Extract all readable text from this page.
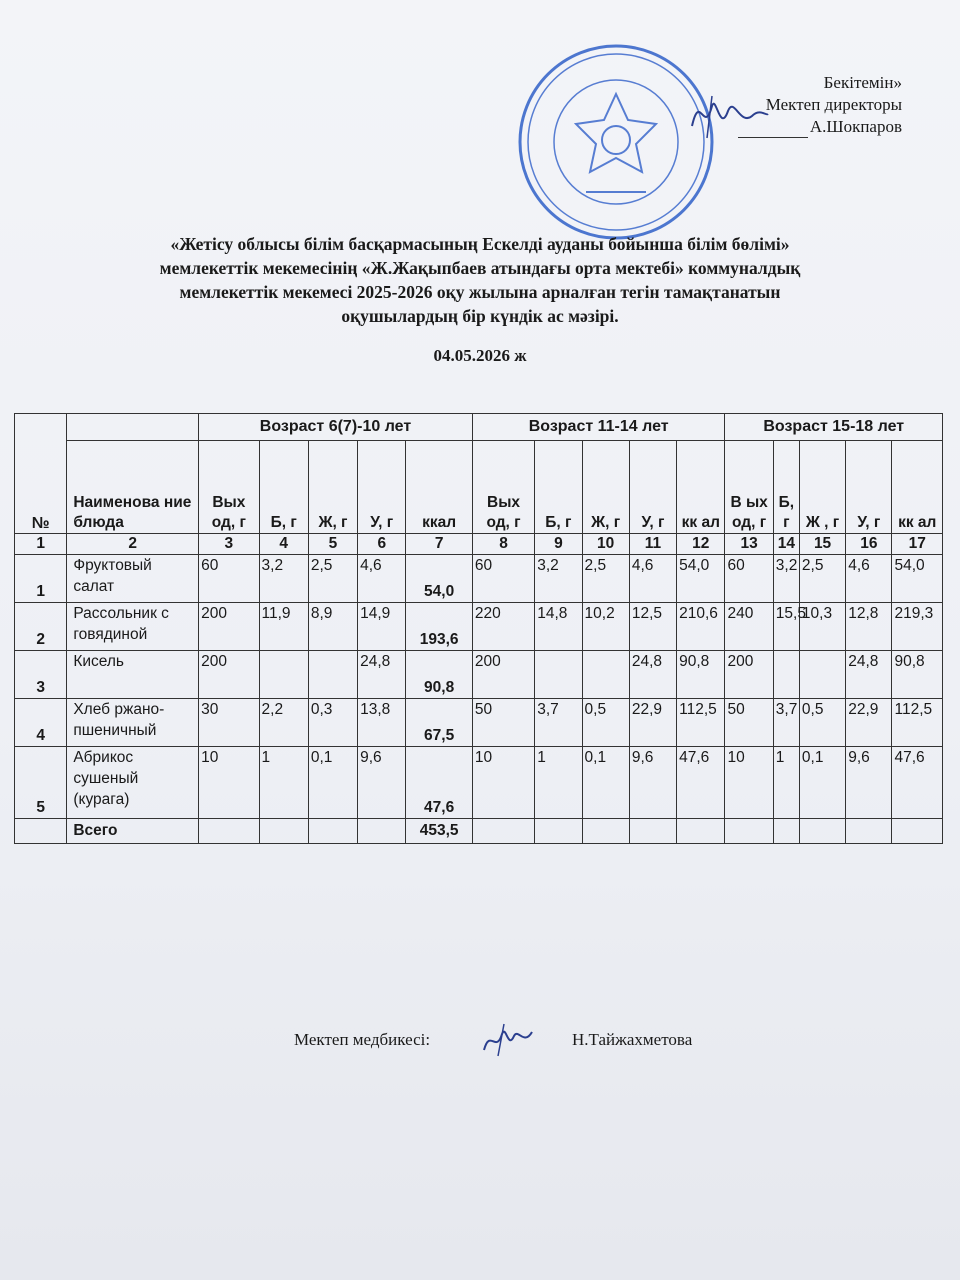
Бекітемін»
Мектеп директоры
А.Шокпаров
«Жетісу облысы білім басқармасының Ескелді ауданы бойынша білім бөлімі»
мемлекеттік мекемесінің «Ж.Жақыпбаев атындағы орта мектебі» коммуналдық
мемлекеттік мекемесі 2025-2026 оқу жылына арналған тегін тамақтанатын
оқушылардың бір күндік ас мәзірі.
04.05.2026 ж
№		Возраст 6(7)-10 лет					Возраст 11-14 лет					Возраст 15-18 лет				
	Наименова ние блюда	Вых од, г	Б, г	Ж, г	У, г	ккал	Вых од, г	Б, г	Ж, г	У, г	кк ал	В ых од, г	Б, г	Ж , г	У, г	кк ал
1	2	3	4	5	6	7	8	9	10	11	12	13	14	15	16	17
1	Фруктовый салат	60	3,2	2,5	4,6	54,0	60	3,2	2,5	4,6	54,0	60	3,2	2,5	4,6	54,0
2	Рассольник с говядиной	200	11,9	8,9	14,9	193,6	220	14,8	10,2	12,5	210,6	240	15,5	10,3	12,8	219,3
3	Кисель	200			24,8	90,8	200			24,8	90,8	200			24,8	90,8
4	Хлеб ржано-пшеничный	30	2,2	0,3	13,8	67,5	50	3,7	0,5	22,9	112,5	50	3,7	0,5	22,9	112,5
5	Абрикос сушеный (курага)	10	1	0,1	9,6	47,6	10	1	0,1	9,6	47,6	10	1	0,1	9,6	47,6
	Всего					453,5										
Мектеп медбикесі:	Н.Тайжахметова
